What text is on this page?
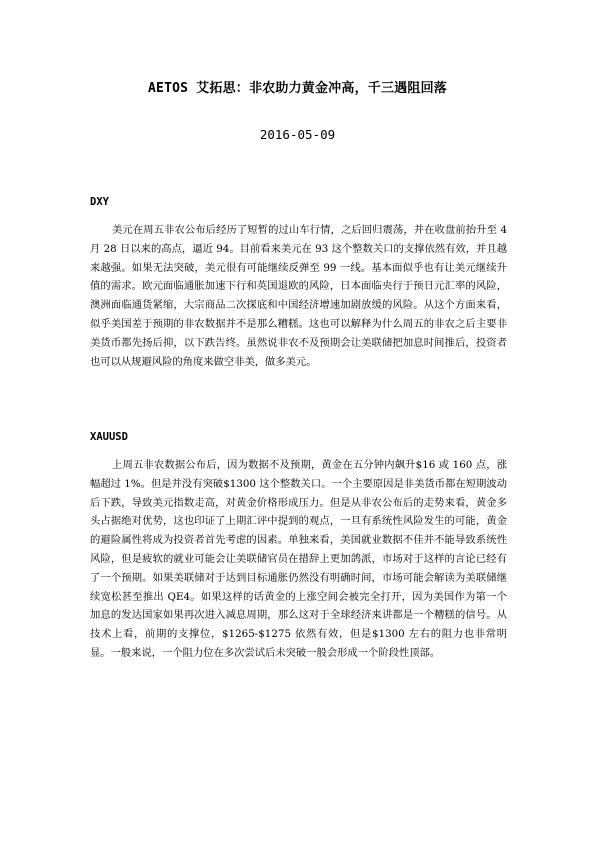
AETOS 艾拓思：非农助力黄金冲高，千三遇阻回落
2016-05-09
DXY

美元在周五非农公布后经历了短暂的过山车行情，之后回归震荡，并在收盘前抬升至 4 月 28 日以来的高点，逼近 94。目前看来美元在 93 这个整数关口的支撑依然有效，并且越来越强。如果无法突破，美元很有可能继续反弹至 99 一线。基本面似乎也有让美元继续升值的需求。欧元面临通胀加速下行和英国退欧的风险，日本面临央行于预日元汇率的风险，澳洲面临通货紧缩，大宗商品二次探底和中国经济增速加剧放缓的风险。从这个方面来看，似乎美国差于预期的非农数据并不是那么糟糕。这也可以解释为什么周五的非农之后主要非美货币都先扬后抑，以下跌告终。虽然说非农不及预期会让美联储把加息时间推后，投资者也可以从规避风险的角度来做空非美，做多美元。

XAUUSD

上周五非农数据公布后，因为数据不及预期，黄金在五分钟内飙升$16 或 160 点，涨幅超过 1%。但是并没有突破$1300 这个整数关口。一个主要原因是非美货币都在短期波动后下跌，导致美元指数走高，对黄金价格形成压力。但是从非农公布后的走势来看，黄金多头占据绝对优势，这也印证了上期汇评中提到的观点，一旦有系统性风险发生的可能，黄金的避险属性将成为投资者首先考虑的因素。单独来看，美国就业数据不佳并不能导致系统性风险，但是疲软的就业可能会让美联储官员在措辞上更加鸽派，市场对于这样的言论已经有了一个预期。如果美联储对于达到目标通胀仍然没有明确时间，市场可能会解读为美联储继续宽松甚至推出 QE4。如果这样的话黄金的上涨空间会被完全打开，因为美国作为第一个加息的发达国家如果再次进入减息周期，那么这对于全球经济来讲都是一个糟糕的信号。从技术上看，前期的支撑位，$1265-$1275 依然有效，但是$1300 左右的阻力也非常明显。一般来说，一个阻力位在多次尝试后未突破一般会形成一个阶段性顶部。
